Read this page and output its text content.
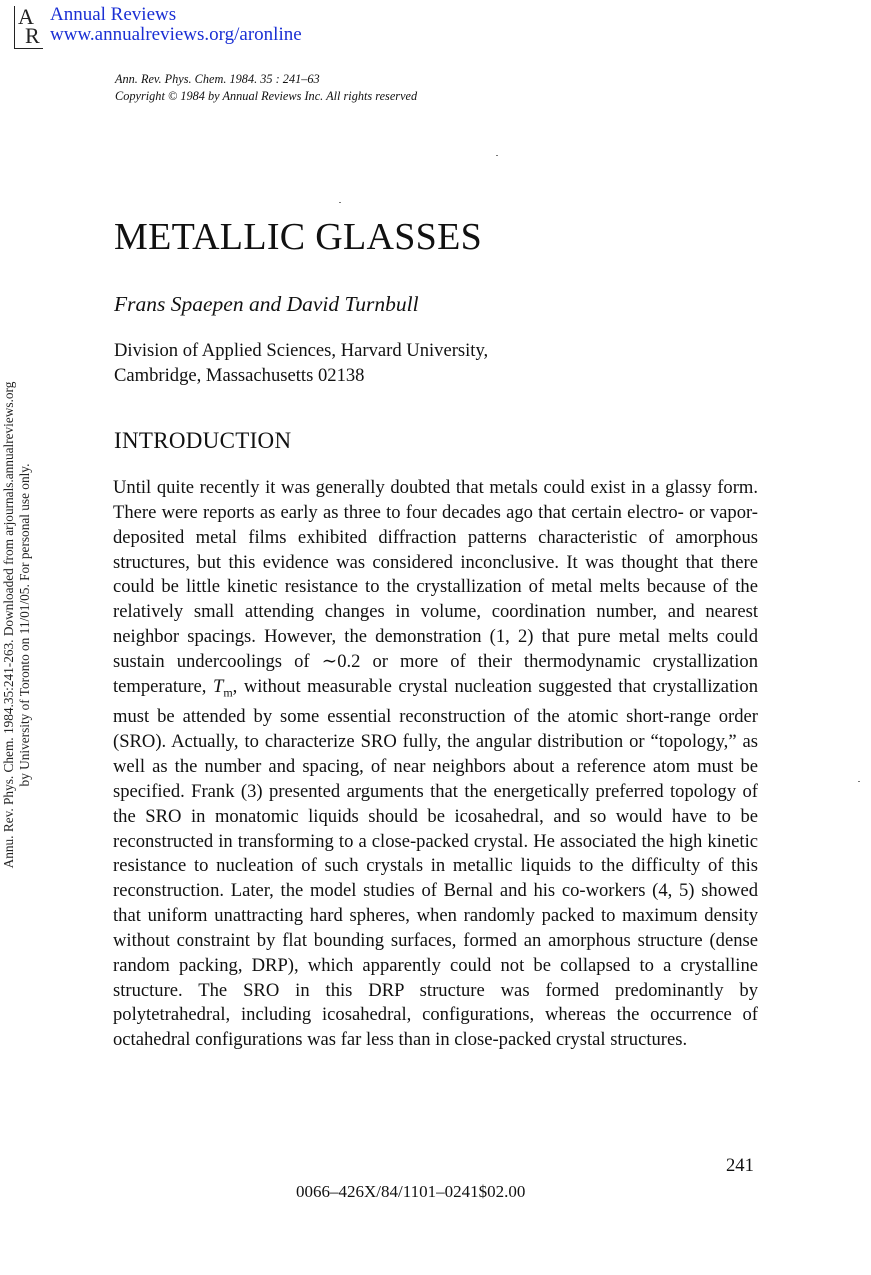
A
R
Annual Reviews
www.annualreviews.org/aronline
Ann. Rev. Phys. Chem. 1984. 35 : 241–63
Copyright © 1984 by Annual Reviews Inc. All rights reserved
Annu. Rev. Phys. Chem. 1984.35:241-263. Downloaded from arjournals.annualreviews.org by University of Toronto on 11/01/05. For personal use only.
METALLIC GLASSES
Frans Spaepen and David Turnbull
Division of Applied Sciences, Harvard University,
Cambridge, Massachusetts 02138
INTRODUCTION

Until quite recently it was generally doubted that metals could exist in a glassy form. There were reports as early as three to four decades ago that certain electro- or vapor-deposited metal films exhibited diffraction patterns characteristic of amorphous structures, but this evidence was considered inconclusive. It was thought that there could be little kinetic resistance to the crystallization of metal melts because of the relatively small attending changes in volume, coordination number, and nearest neighbor spacings. However, the demonstration (1, 2) that pure metal melts could sustain undercoolings of ∼0.2 or more of their thermodynamic crystallization temperature, $T_m$, without measurable crystal nucleation suggested that crystallization must be attended by some essential reconstruction of the atomic short-range order (SRO). Actually, to characterize SRO fully, the angular distribution or “topology,” as well as the number and spacing, of near neighbors about a reference atom must be specified. Frank (3) presented arguments that the energetically preferred topology of the SRO in monatomic liquids should be icosahedral, and so would have to be reconstructed in transforming to a close-packed crystal. He associated the high kinetic resistance to nucleation of such crystals in metallic liquids to the difficulty of this reconstruction. Later, the model studies of Bernal and his co-workers (4, 5) showed that uniform unattracting hard spheres, when randomly packed to maximum density without constraint by flat bounding surfaces, formed an amorphous structure (dense random packing, DRP), which apparently could not be collapsed to a crystalline structure. The SRO in this DRP structure was formed predominantly by polytetrahedral, including icosahedral, configurations, whereas the occurrence of octahedral configurations was far less than in close-packed crystal structures.

241
0066–426X/84/1101–0241$02.00
